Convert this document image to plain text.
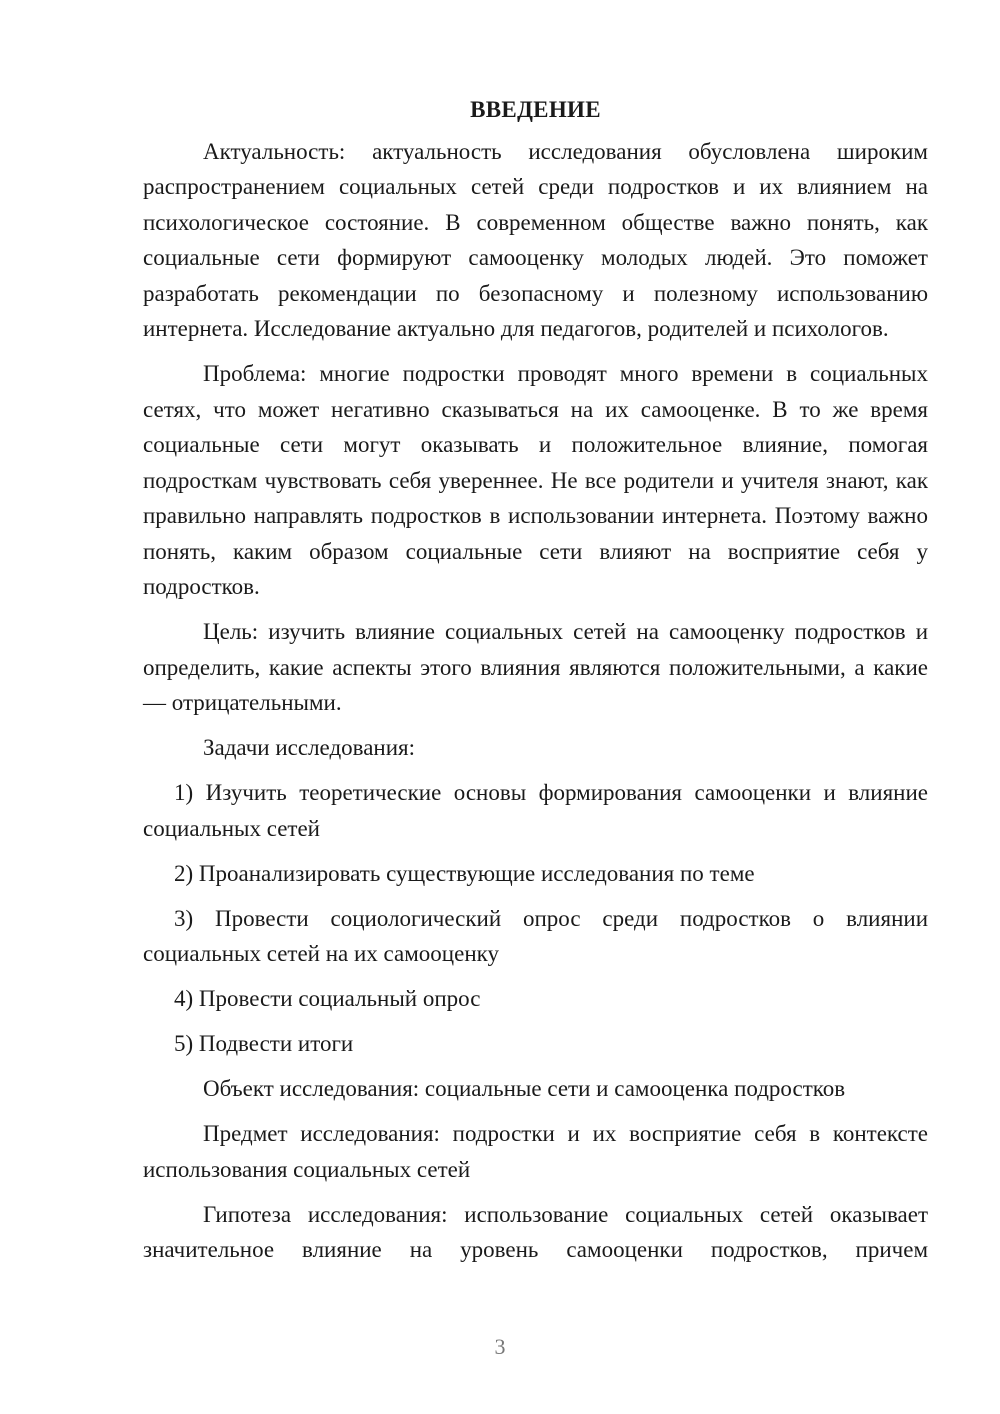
ВВЕДЕНИЕ

Актуальность: актуальность исследования обусловлена широким распространением социальных сетей среди подростков и их влиянием на психологическое состояние. В современном обществе важно понять, как социальные сети формируют самооценку молодых людей. Это поможет разработать рекомендации по безопасному и полезному использованию интернета. Исследование актуально для педагогов, родителей и психологов.

Проблема: многие подростки проводят много времени в социальных сетях, что может негативно сказываться на их самооценке. В то же время социальные сети могут оказывать и положительное влияние, помогая подросткам чувствовать себя увереннее. Не все родители и учителя знают, как правильно направлять подростков в использовании интернета. Поэтому важно понять, каким образом социальные сети влияют на восприятие себя у подростков.

Цель: изучить влияние социальных сетей на самооценку подростков и определить, какие аспекты этого влияния являются положительными, а какие — отрицательными.

Задачи исследования:

1) Изучить теоретические основы формирования самооценки и влияние социальных сетей

2) Проанализировать существующие исследования по теме

3) Провести социологический опрос среди подростков о влиянии социальных сетей на их самооценку

4) Провести социальный опрос

5) Подвести итоги

Объект исследования: социальные сети и самооценка подростков

Предмет исследования: подростки и их восприятие себя в контексте использования социальных сетей

Гипотеза исследования: использование социальных сетей оказывает значительное влияние на уровень самооценки подростков, причем

3
